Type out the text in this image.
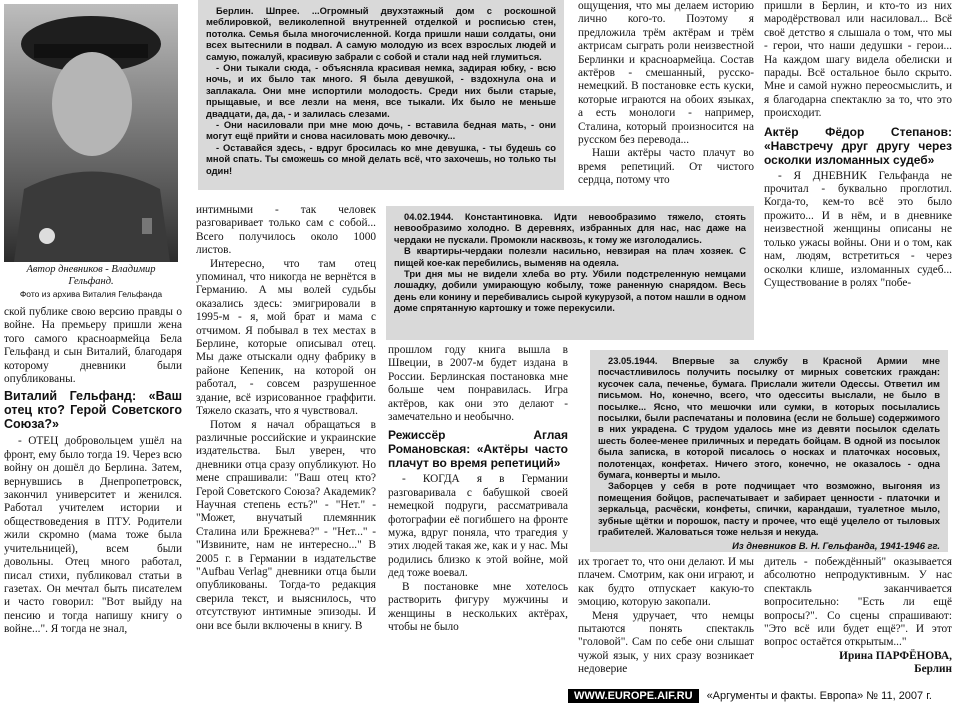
Автор дневников - Владимир Гельфанд.
Фото из архива Виталия Гельфанда

Берлин. Шпрее. ...Огромный двухэтажный дом с роскошной меблировкой, великолепной внутренней отделкой и росписью стен, потолка. Семья была многочисленной. Когда пришли наши солдаты, они всех вытеснили в подвал. А самую молодую из всех взрослых людей и самую, пожалуй, красивую забрали с собой и стали над ней глумиться.

- Они тыкали сюда, - объясняла красивая немка, задирая юбку, - всю ночь, и их было так много. Я была девушкой, - вздохнула она и заплакала. Они мне испортили молодость. Среди них были старые, прыщавые, и все лезли на меня, все тыкали. Их было не меньше двадцати, да, да, - и залилась слезами.

- Они насиловали при мне мою дочь, - вставила бедная мать, - они могут ещё прийти и снова насиловать мою девочку...

- Оставайся здесь, - вдруг бросилась ко мне девушка, - ты будешь со мной спать. Ты сможешь со мной делать всё, что захочешь, но только ты один!

ской публике свою версию правды о войне. На премьеру пришли жена того самого красноармейца Бела Гельфанд и сын Виталий, благодаря которому дневники были опубликованы.
Виталий Гельфанд: «Ваш отец кто? Герой Советского Союза?»

- ОТЕЦ добровольцем ушёл на фронт, ему было тогда 19. Через всю войну он дошёл до Берлина. Затем, вернувшись в Днепропетровск, закончил университет и женился. Работал учителем истории и обществоведения в ПТУ. Родители жили скромно (мама тоже была учительницей), всем были довольны. Отец много работал, писал стихи, публиковал статьи в газетах. Он мечтал быть писателем и часто говорил: "Вот выйду на пенсию и тогда напишу книгу о войне...". Я тогда не знал,

интимными - так человек разговаривает только сам с собой... Всего получилось около 1000 листов.

Интересно, что там отец упоминал, что никогда не вернётся в Германию. А мы волей судьбы оказались здесь: эмигрировали в 1995-м - я, мой брат и мама с отчимом. Я побывал в тех местах в Берлине, которые описывал отец. Мы даже отыскали одну фабрику в районе Кепеник, на которой он работал, - совсем разрушенное здание, всё изрисованное граффити. Тяжело сказать, что я чувствовал.

Потом я начал обращаться в различные российские и украинские издательства. Был уверен, что дневники отца сразу опубликуют. Но мене спрашивали: "Ваш отец кто? Герой Советского Союза? Академик? Научная степень есть?" - "Нет." - "Может, внучатый племянник Сталина или Брежнева?" - "Нет..." - "Извините, нам не интересно..." В 2005 г. в Германии в издательстве "Aufbau Verlag" дневники отца были опубликованы. Тогда-то редакция сверила текст, и выяснилось, что отсутствуют интимные эпизоды. И они все были включены в книгу. В

04.02.1944. Константиновка. Идти невообразимо тяжело, стоять невообразимо холодно. В деревнях, избранных для нас, нас даже на чердаки не пускали. Промокли насквозь, к тому же изголодались.

В квартиры-чердаки полезли насильно, невзирая на плач хозяек. С пищей кое-как перебились, выменяв на одеяла.

Три дня мы не видели хлеба во рту. Убили подстреленную немцами лошадку, добили умирающую кобылу, тоже раненную снарядом. Весь день ели конину и перебивались сырой кукурузой, а потом нашли в одном доме спрятанную картошку и тоже перекусили.

прошлом году книга вышла в Швеции, в 2007-м будет издана в России. Берлинская постановка мне больше чем понравилась. Игра актёров, как они это делают - замечательно и необычно.
Режиссёр Аглая Романовская: «Актёры часто плачут во время репетиций»

- КОГДА я в Германии разговаривала с бабушкой своей немецкой подруги, рассматривала фотографии её погибшего на фронте мужа, вдруг поняла, что трагедия у этих людей такая же, как и у нас. Мы родились близко к этой войне, мой дед тоже воевал.

В постановке мне хотелось растворить фигуру мужчины и женщины в нескольких актёрах, чтобы не было

ощущения, что мы делаем историю лично кого-то. Поэтому я предложила трём актёрам и трём актрисам сыграть роли неизвестной Берлинки и красноармейца. Состав актёров - смешанный, русско-немецкий. В постановке есть куски, которые играются на обоих языках, а есть монологи - например, Сталина, который произносится на русском без перевода...

Наши актёры часто плачут во время репетиций. От чистого сердца, потому что

23.05.1944. Впервые за службу в Красной Армии мне посчастливилось получить посылку от мирных советских граждан: кусочек сала, печенье, бумага. Прислали жители Одессы. Ответил им письмом. Но, конечно, всего, что одесситы выслали, не было в посылке... Ясно, что мешочки или сумки, в которых посылались посылки, были распечатаны и половина (если не больше) содержимого в них украдена. С трудом удалось мне из девяти посылок сделать шесть более-менее приличных и передать бойцам. В одной из посылок была записка, в которой писалось о носках и платочках носовых, полотенцах, конфетах. Ничего этого, конечно, не оказалось - одна бумага, конверты и мыло.

Заборцев у себя в роте подчищает что возможно, выгоняя из помещения бойцов, распечатывает и забирает ценности - платочки и зеркальца, расчёски, конфеты, спички, карандаши, туалетное мыло, зубные щётки и порошок, пасту и прочее, что ещё уцелело от тыловых грабителей. Жаловаться тоже нельзя и некуда.

Из дневников В. Н. Гельфанда, 1941-1946 гг.

их трогает то, что они делают. И мы плачем. Смотрим, как они играют, и как будто отпускает какую-то эмоцию, которую закопали.

Меня удручает, что немцы пытаются понять спектакль "головой". Сам по себе они слышат чужой язык, у них сразу возникает недоверие

пришли в Берлин, и кто-то из них мародёрствовал или насиловал... Всё своё детство я слышала о том, что мы - герои, что наши дедушки - герои... На каждом шагу видела обелиски и парады. Всё остальное было скрыто. Мне и самой нужно переосмыслить, и я благодарна спектаклю за то, что это происходит.
Актёр Фёдор Степанов: «Навстречу друг другу через осколки изломанных судеб»

- Я ДНЕВНИК Гельфанда не прочитал - буквально проглотил. Когда-то, кем-то всё это было прожито... И в нём, и в дневнике неизвестной женщины описаны не только ужасы войны. Они и о том, как нам, людям, встретиться - через осколки клише, изломанных судеб... Существование в ролях "побе-

дитель - побеждённый" оказывается абсолютно непродуктивным. У нас спектакль заканчивается вопросительно: "Есть ли ещё вопросы?". Со сцены спрашивают: "Это всё или будет ещё?". И этот вопрос остаётся открытым..."
Ирина ПАРФЁНОВА,
Берлин
WWW.EUROPE.AIF.RU	«Аргументы и факты. Европа» № 11, 2007 г.
